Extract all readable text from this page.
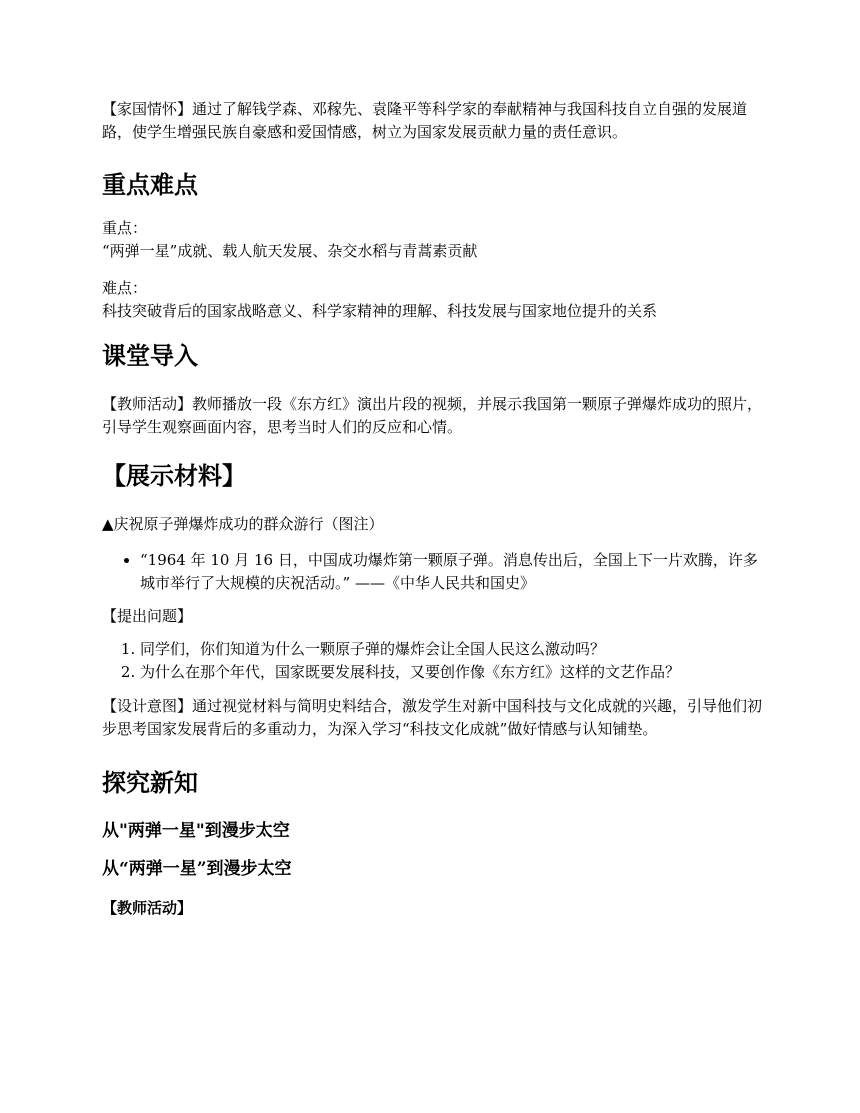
【家国情怀】通过了解钱学森、邓稼先、袁隆平等科学家的奉献精神与我国科技自立自强的发展道路，使学生增强民族自豪感和爱国情感，树立为国家发展贡献力量的责任意识。

重点难点

重点：

“两弹一星”成就、载人航天发展、杂交水稻与青蒿素贡献

难点：

科技突破背后的国家战略意义、科学家精神的理解、科技发展与国家地位提升的关系

课堂导入

【教师活动】教师播放一段《东方红》演出片段的视频，并展示我国第一颗原子弹爆炸成功的照片，引导学生观察画面内容，思考当时人们的反应和心情。

【展示材料】

▲庆祝原子弹爆炸成功的群众游行（图注）

• “1964 年 10 月 16 日，中国成功爆炸第一颗原子弹。消息传出后，全国上下一片欢腾，许多城市举行了大规模的庆祝活动。” ——《中华人民共和国史》

【提出问题】

1. 同学们，你们知道为什么一颗原子弹的爆炸会让全国人民这么激动吗？
2. 为什么在那个年代，国家既要发展科技，又要创作像《东方红》这样的文艺作品？

【设计意图】通过视觉材料与简明史料结合，激发学生对新中国科技与文化成就的兴趣，引导他们初步思考国家发展背后的多重动力，为深入学习“科技文化成就”做好情感与认知铺垫。

探究新知
从"两弹一星"到漫步太空
从“两弹一星”到漫步太空

【教师活动】
